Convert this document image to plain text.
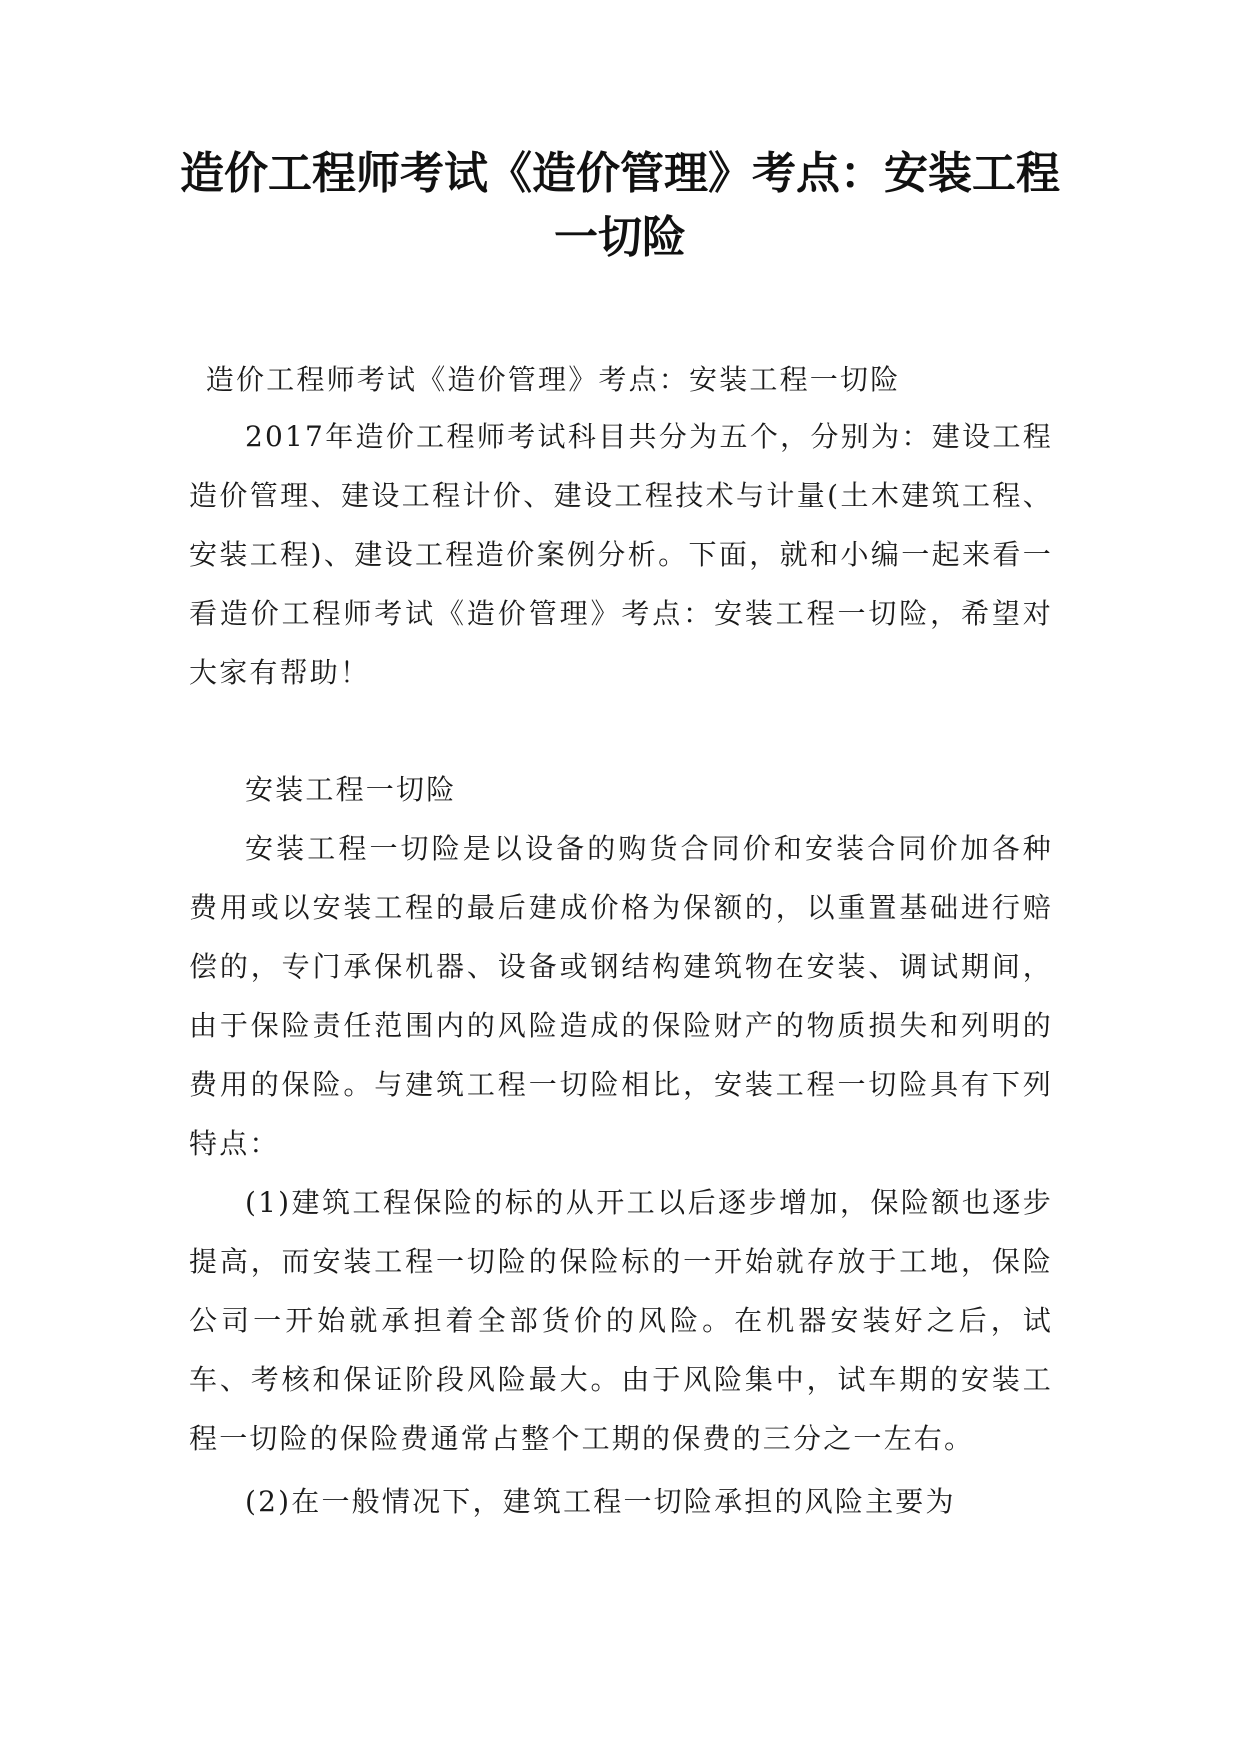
造价工程师考试《造价管理》考点：安装工程一切险

造价工程师考试《造价管理》考点：安装工程一切险

2017年造价工程师考试科目共分为五个，分别为：建设工程造价管理、建设工程计价、建设工程技术与计量(土木建筑工程、安装工程)、建设工程造价案例分析。下面，就和小编一起来看一看造价工程师考试《造价管理》考点：安装工程一切险，希望对大家有帮助！

安装工程一切险

安装工程一切险是以设备的购货合同价和安装合同价加各种费用或以安装工程的最后建成价格为保额的，以重置基础进行赔偿的，专门承保机器、设备或钢结构建筑物在安装、调试期间，由于保险责任范围内的风险造成的保险财产的物质损失和列明的费用的保险。与建筑工程一切险相比，安装工程一切险具有下列特点：

(1)建筑工程保险的标的从开工以后逐步增加，保险额也逐步提高，而安装工程一切险的保险标的一开始就存放于工地，保险公司一开始就承担着全部货价的风险。在机器安装好之后，试车、考核和保证阶段风险最大。由于风险集中，试车期的安装工程一切险的保险费通常占整个工期的保费的三分之一左右。

(2)在一般情况下，建筑工程一切险承担的风险主要为
